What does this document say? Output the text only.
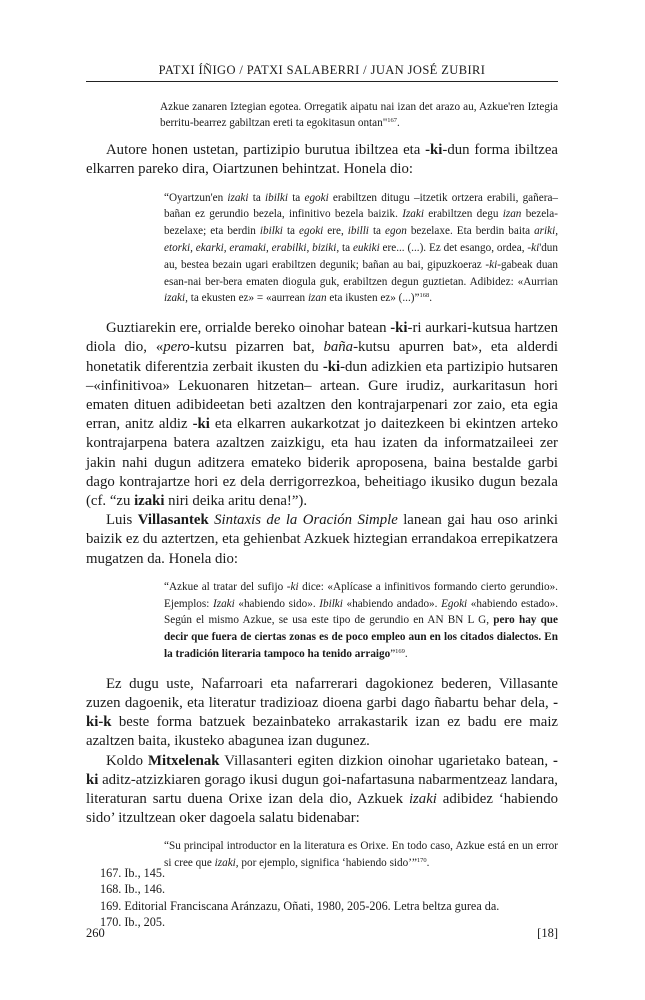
PATXI ÍÑIGO / PATXI SALABERRI / JUAN JOSÉ ZUBIRI

Azkue zanaren Iztegian egotea. Orregatik aipatu nai izan det arazo au, Azkue'ren Iztegia berritu-bearrez gabiltzan ereti ta egokitasun ontan"$^{167}$.

Autore honen ustetan, partizipio burutua ibiltzea eta -ki-dun forma ibiltzea elkarren pareko dira, Oiartzunen behintzat. Honela dio:

“Oyartzun'en izaki ta ibilki ta egoki erabiltzen ditugu –itzetik ortzera erabili, gañera– bañan ez gerundio bezela, infinitivo bezela baizik. Izaki erabiltzen degu izan bezela-bezelaxe; eta berdin ibilki ta egoki ere, ibilli ta egon bezelaxe. Eta berdin baita ariki, etorki, ekarki, eramaki, erabilki, biziki, ta eukiki ere... (...). Ez det esango, ordea, -ki'dun au, bestea bezain ugari erabiltzen degunik; bañan au bai, gipuzkoeraz -ki-gabeak duan esan-nai ber-bera ematen diogula guk, erabiltzen degun guztietan. Adibidez: «Aurrian izaki, ta ekusten ez» = «aurrean izan eta ikusten ez» (...)”$^{168}$.

Guztiarekin ere, orrialde bereko oinohar batean -ki-ri aurkari-kutsua hartzen diola dio, «pero-kutsu pizarren bat, baña-kutsu apurren bat», eta alderdi honetatik diferentzia zerbait ikusten du -ki-dun adizkien eta partizipio hutsaren –«infinitivoa» Lekuonaren hitzetan– artean. Gure irudiz, aurkaritasun hori ematen dituen adibideetan beti azaltzen den kontrajarpenari zor zaio, eta egia erran, anitz aldiz -ki eta elkarren aukarkotzat jo daitezkeen bi ekintzen arteko kontrajarpena batera azaltzen zaizkigu, eta hau izaten da informatzaileei zer jakin nahi dugun aditzera emateko biderik aproposena, baina bestalde garbi dago kontrajartze hori ez dela derrigorrezkoa, beheitiago ikusiko dugun bezala (cf. “zu izaki niri deika aritu dena!”).

Luis Villasantek Sintaxis de la Oración Simple lanean gai hau oso arinki baizik ez du aztertzen, eta gehienbat Azkuek hiztegian errandakoa errepikatzera mugatzen da. Honela dio:

“Azkue al tratar del sufijo -ki dice: «Aplícase a infinitivos formando cierto gerundio». Ejemplos: Izaki «habiendo sido». Ibilki «habiendo andado». Egoki «habiendo estado». Según el mismo Azkue, se usa este tipo de gerundio en AN BN L G, pero hay que decir que fuera de ciertas zonas es de poco empleo aun en los citados dialectos. En la tradición literaria tampoco ha tenido arraigo”$^{169}$.

Ez dugu uste, Nafarroari eta nafarrerari dagokionez bederen, Villasante zuzen dagoenik, eta literatur tradizioaz dioena garbi dago ñabartu behar dela, -ki-k beste forma batzuek bezainbateko arrakastarik izan ez badu ere maiz azaltzen baita, ikusteko abagunea izan dugunez.

Koldo Mitxelenak Villasanteri egiten dizkion oinohar ugarietako batean, -ki aditz-atzizkiaren gorago ikusi dugun goi-nafartasuna nabarmentzeaz landara, literaturan sartu duena Orixe izan dela dio, Azkuek izaki adibidez ‘habiendo sido’ itzultzean oker dagoela salatu bidenabar:

“Su principal introductor en la literatura es Orixe. En todo caso, Azkue está en un error si cree que izaki, por ejemplo, significa ‘habiendo sido’”$^{170}$.

167. Ib., 145.

168. Ib., 146.

169. Editorial Franciscana Aránzazu, Oñati, 1980, 205-206. Letra beltza gurea da.

170. Ib., 205.

260	[18]
